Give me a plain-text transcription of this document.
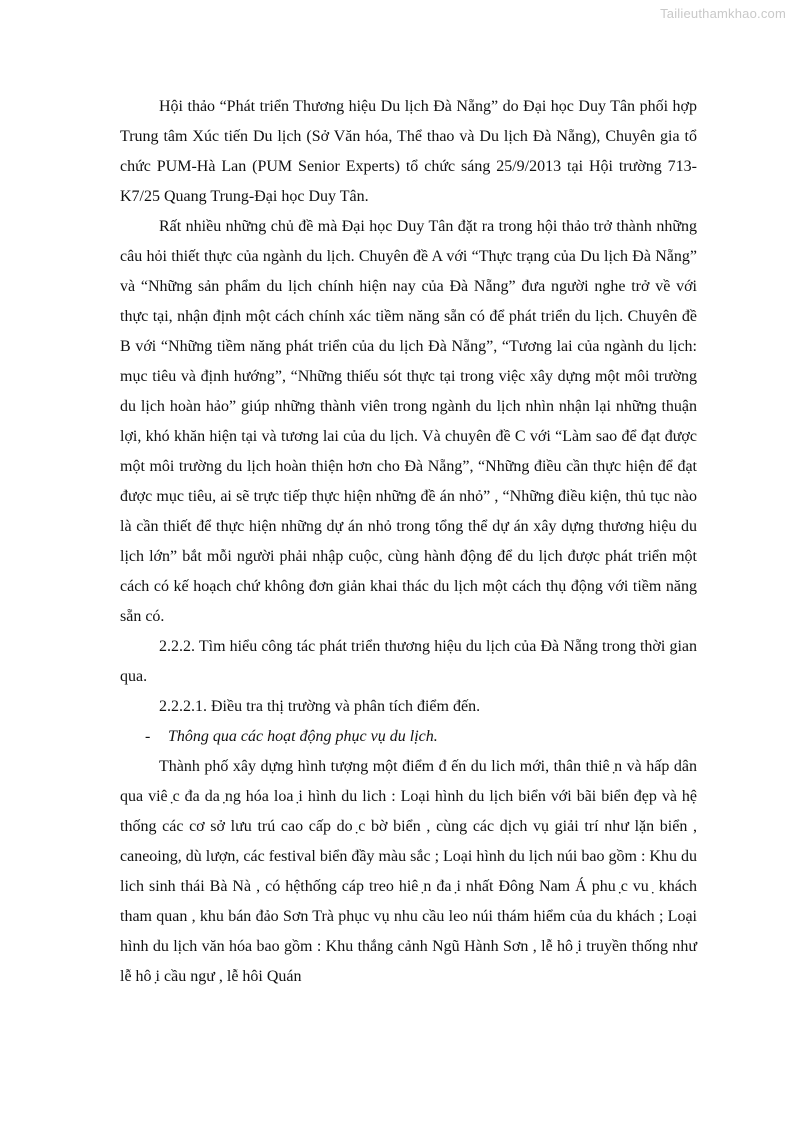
Tailieuthamkhao.com

Hội thảo “Phát triển Thương hiệu Du lịch Đà Nẵng” do Đại học Duy Tân phối hợp Trung tâm Xúc tiến Du lịch (Sở Văn hóa, Thể thao và Du lịch Đà Nẵng), Chuyên gia tổ chức PUM-Hà Lan (PUM Senior Experts) tổ chức sáng 25/9/2013 tại Hội trường 713-K7/25 Quang Trung-Đại học Duy Tân.

Rất nhiều những chủ đề mà Đại học Duy Tân đặt ra trong hội thảo trở thành những câu hỏi thiết thực của ngành du lịch. Chuyên đề A với “Thực trạng của Du lịch Đà Nẵng” và “Những sản phẩm du lịch chính hiện nay của Đà Nẵng” đưa người nghe trở về với thực tại, nhận định một cách chính xác tiềm năng sẵn có để phát triển du lịch. Chuyên đề B với “Những tiềm năng phát triển của du lịch Đà Nẵng”, “Tương lai của ngành du lịch: mục tiêu và định hướng”, “Những thiếu sót thực tại trong việc xây dựng một môi trường du lịch hoàn hảo” giúp những thành viên trong ngành du lịch nhìn nhận lại những thuận lợi, khó khăn hiện tại và tương lai của du lịch. Và chuyên đề C với “Làm sao để đạt được một môi trường du lịch hoàn thiện hơn cho Đà Nẵng”, “Những điều cần thực hiện để đạt được mục tiêu, ai sẽ trực tiếp thực hiện những đề án nhỏ” , “Những điều kiện, thủ tục nào là cần thiết để thực hiện những dự án nhỏ trong tổng thể dự án xây dựng thương hiệu du lịch lớn” bắt mỗi người phải nhập cuộc, cùng hành động để du lịch được phát triển một cách có kế hoạch chứ không đơn giản khai thác du lịch một cách thụ động với tiềm năng sẵn có.

2.2.2. Tìm hiểu công tác phát triển thương hiệu du lịch của Đà Nẵng trong thời gian qua.

2.2.2.1. Điều tra thị trường và phân tích điểm đến.

- Thông qua các hoạt động phục vụ du lịch.

Thành phố xây dựng hình tượng một điểm đ ến du lich mới, thân thiê ̣n và hấp dân qua viê ̣c đa da ̣ng hóa loa ̣i hình du lich : Loại hình du lịch biển với bãi biển đẹp và hệ thống các cơ sở lưu trú cao cấp do ̣c bờ biển , cùng các dịch vụ giải trí như lặn biển , caneoing, dù lượn, các festival biển đầy màu sắc ; Loại hình du lịch núi bao gồm : Khu du lich sinh thái Bà Nà , có hệthống cáp treo hiê ̣n đa ̣i nhất Đông Nam Á phu ̣c vu ̣ khách tham quan , khu bán đảo Sơn Trà phục vụ nhu cầu leo núi thám hiểm của du khách ; Loại hình du lịch văn hóa bao gồm : Khu thắng cảnh Ngũ Hành Sơn , lễ hô ̣i truyền thống như lễ hô ̣i cầu ngư , lễ hôi Quán
